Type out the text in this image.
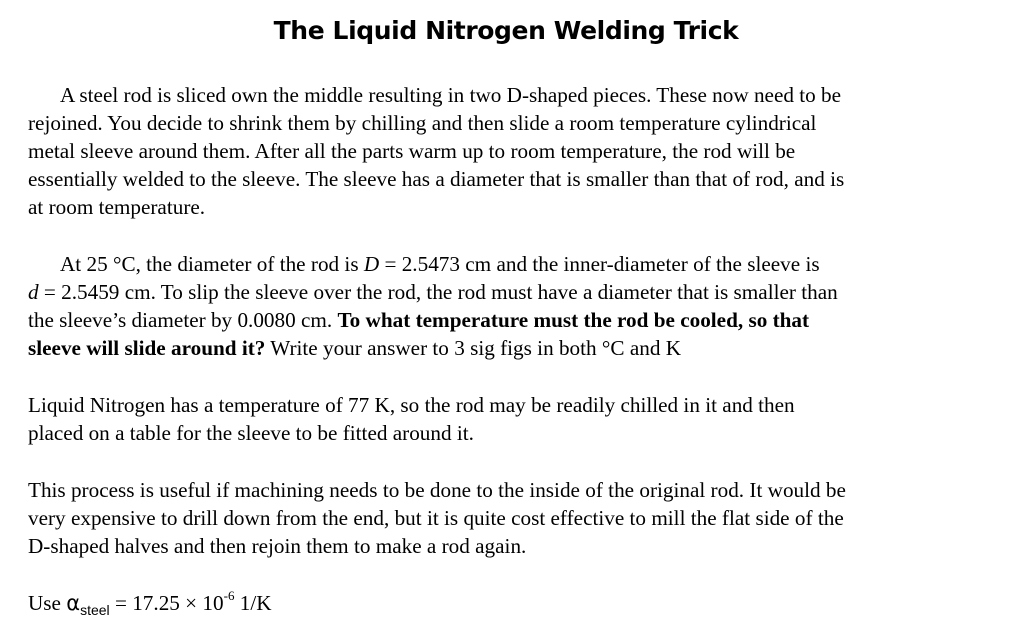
The Liquid Nitrogen Welding Trick
A steel rod is sliced own the middle resulting in two D-shaped pieces. These now need to be
rejoined. You decide to shrink them by chilling and then slide a room temperature cylindrical
metal sleeve around them. After all the parts warm up to room temperature, the rod will be
essentially welded to the sleeve. The sleeve has a diameter that is smaller than that of rod, and is
at room temperature.
At 25 °C, the diameter of the rod is D = 2.5473 cm and the inner-diameter of the sleeve is
d = 2.5459 cm. To slip the sleeve over the rod, the rod must have a diameter that is smaller than
the sleeve’s diameter by 0.0080 cm. To what temperature must the rod be cooled, so that
sleeve will slide around it? Write your answer to 3 sig figs in both °C and K
Liquid Nitrogen has a temperature of 77 K, so the rod may be readily chilled in it and then
placed on a table for the sleeve to be fitted around it.
This process is useful if machining needs to be done to the inside of the original rod. It would be
very expensive to drill down from the end, but it is quite cost effective to mill the flat side of the
D-shaped halves and then rejoin them to make a rod again.
Use $\alpha_{steel} = 17.25 \times 10^{-6}$ 1/K
